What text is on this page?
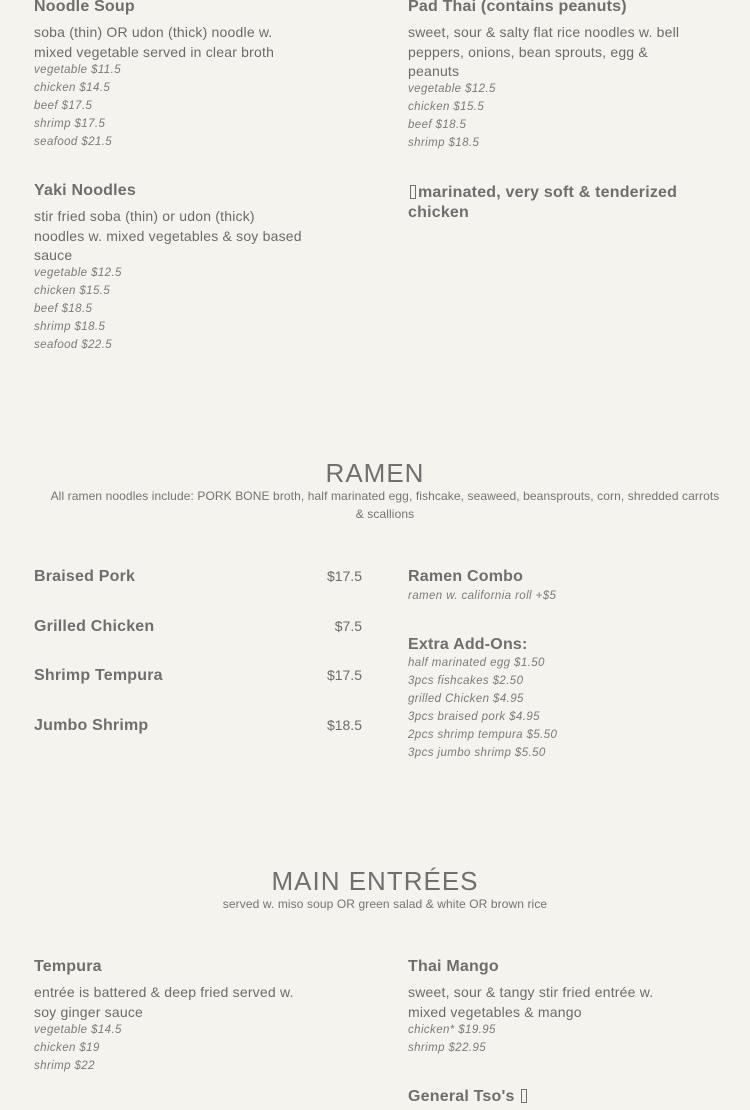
Noodle Soup
soba (thin) OR udon (thick) noodle w. mixed vegetable served in clear broth
vegetable $11.5
chicken $14.5
beef $17.5
shrimp $17.5
seafood $21.5
Yaki Noodles
stir fried soba (thin) or udon (thick) noodles w. mixed vegetables & soy based sauce
vegetable $12.5
chicken $15.5
beef $18.5
shrimp $18.5
seafood $22.5
Pad Thai (contains peanuts)
sweet, sour & salty flat rice noodles w. bell peppers, onions, bean sprouts, egg & peanuts
vegetable $12.5
chicken $15.5
beef $18.5
shrimp $18.5
marinated, very soft & tenderized chicken
RAMEN
All ramen noodles include: PORK BONE broth, half marinated egg, fishcake, seaweed, beansprouts, corn, shredded carrots & scallions
Braised Pork	$17.5
Grilled Chicken	$7.5
Shrimp Tempura	$17.5
Jumbo Shrimp	$18.5
Ramen Combo
ramen w. california roll +$5
Extra Add-Ons:
half marinated egg $1.50
3pcs fishcakes $2.50
grilled Chicken $4.95
3pcs braised pork $4.95
2pcs shrimp tempura $5.50
3pcs jumbo shrimp $5.50
MAIN ENTRÉES
served w. miso soup OR green salad & white OR brown rice
Tempura
entrée is battered & deep fried served w. soy ginger sauce
vegetable $14.5
chicken $19
shrimp $22
Thai Mango
sweet, sour & tangy stir fried entrée w. mixed vegetables & mango
chicken* $19.95
shrimp $22.95
General Tso's
